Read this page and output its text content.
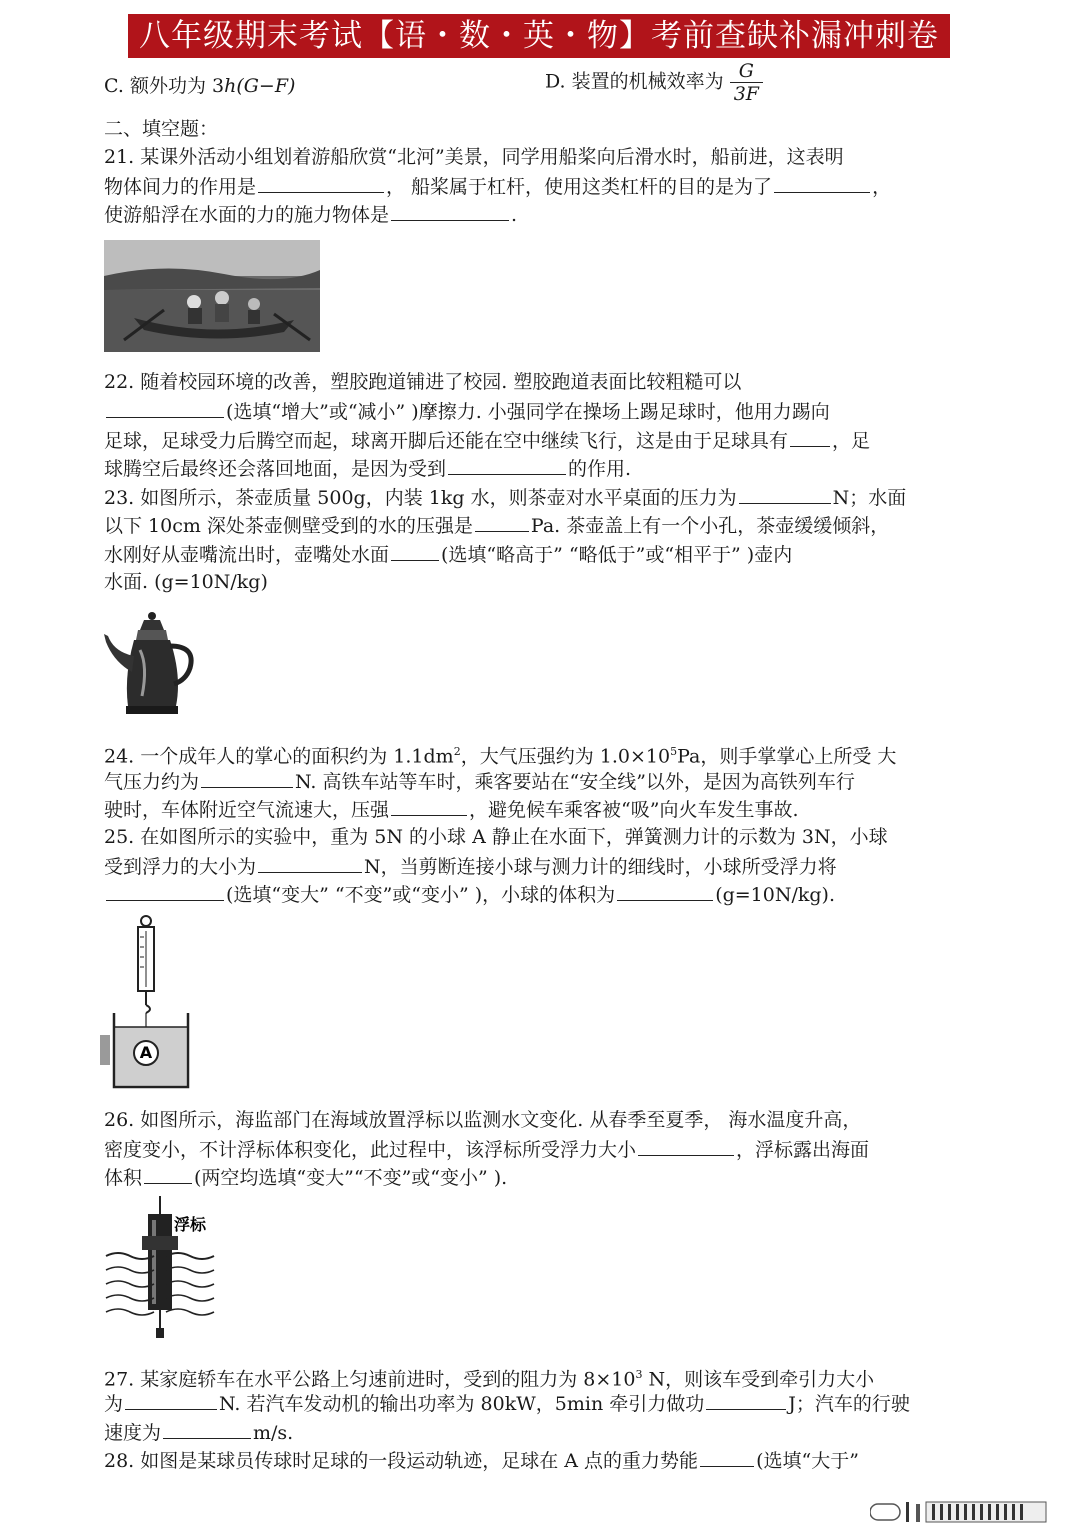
八年级期末考试【语・数・英・物】考前查缺补漏冲刺卷
C. 额外功为 3h(G−F)	D. 装置的机械效率为 $\frac{G}{3F}$
二、填空题：
21. 某课外活动小组划着游船欣赏“北河”美景，同学用船桨向后滑水时，船前进，这表明
物体间力的作用是	， 船桨属于杠杆，使用这类杠杆的目的是为了	，
使游船浮在水面的力的施力物体是	.
22. 随着校园环境的改善，塑胶跑道铺进了校园. 塑胶跑道表面比较粗糙可以
(选填“增大”或“减小” )摩擦力. 小强同学在操场上踢足球时，他用力踢向
足球，足球受力后腾空而起，球离开脚后还能在空中继续飞行，这是由于足球具有 ，足
球腾空后最终还会落回地面，是因为受到	的作用.
23. 如图所示，茶壶质量 500g，内装 1kg 水，则茶壶对水平桌面的压力为	N；水面
以下 10cm 深处茶壶侧壁受到的水的压强是	Pa. 茶壶盖上有一个小孔，茶壶缓缓倾斜，
水刚好从壶嘴流出时，壶嘴处水面	(选填“略高于” “略低于”或“相平于” )壶内
水面. (g=10N/kg)
24. 一个成年人的掌心的面积约为 $1.1dm^2$，大气压强约为 $1.0\times 10^5Pa$，则手掌掌心上所受 大
气压力约为	N. 高铁车站等车时，乘客要站在“安全线”以外，是因为高铁列车行
驶时，车体附近空气流速大，压强	，避免候车乘客被“吸”向火车发生事故.
25. 在如图所示的实验中，重为 5N 的小球 A 静止在水面下，弹簧测力计的示数为 3N，小球
受到浮力的大小为	N，当剪断连接小球与测力计的细线时，小球所受浮力将
(选填“变大” “不变”或“变小” )，小球的体积为	(g=10N/kg).
A
26. 如图所示，海监部门在海域放置浮标以监测水文变化. 从春季至夏季， 海水温度升高，
密度变小，不计浮标体积变化，此过程中，该浮标所受浮力大小	，浮标露出海面
体积	(两空均选填“变大”“不变”或“变小” ).
浮标
27. 某家庭轿车在水平公路上匀速前进时，受到的阻力为 $8\times 10^3$ N，则该车受到牵引力大小
为	N. 若汽车发动机的输出功率为 80kW，5min 牵引力做功	J；汽车的行驶
速度为	m/s.
28. 如图是某球员传球时足球的一段运动轨迹，足球在 A 点的重力势能	(选填“大于”
